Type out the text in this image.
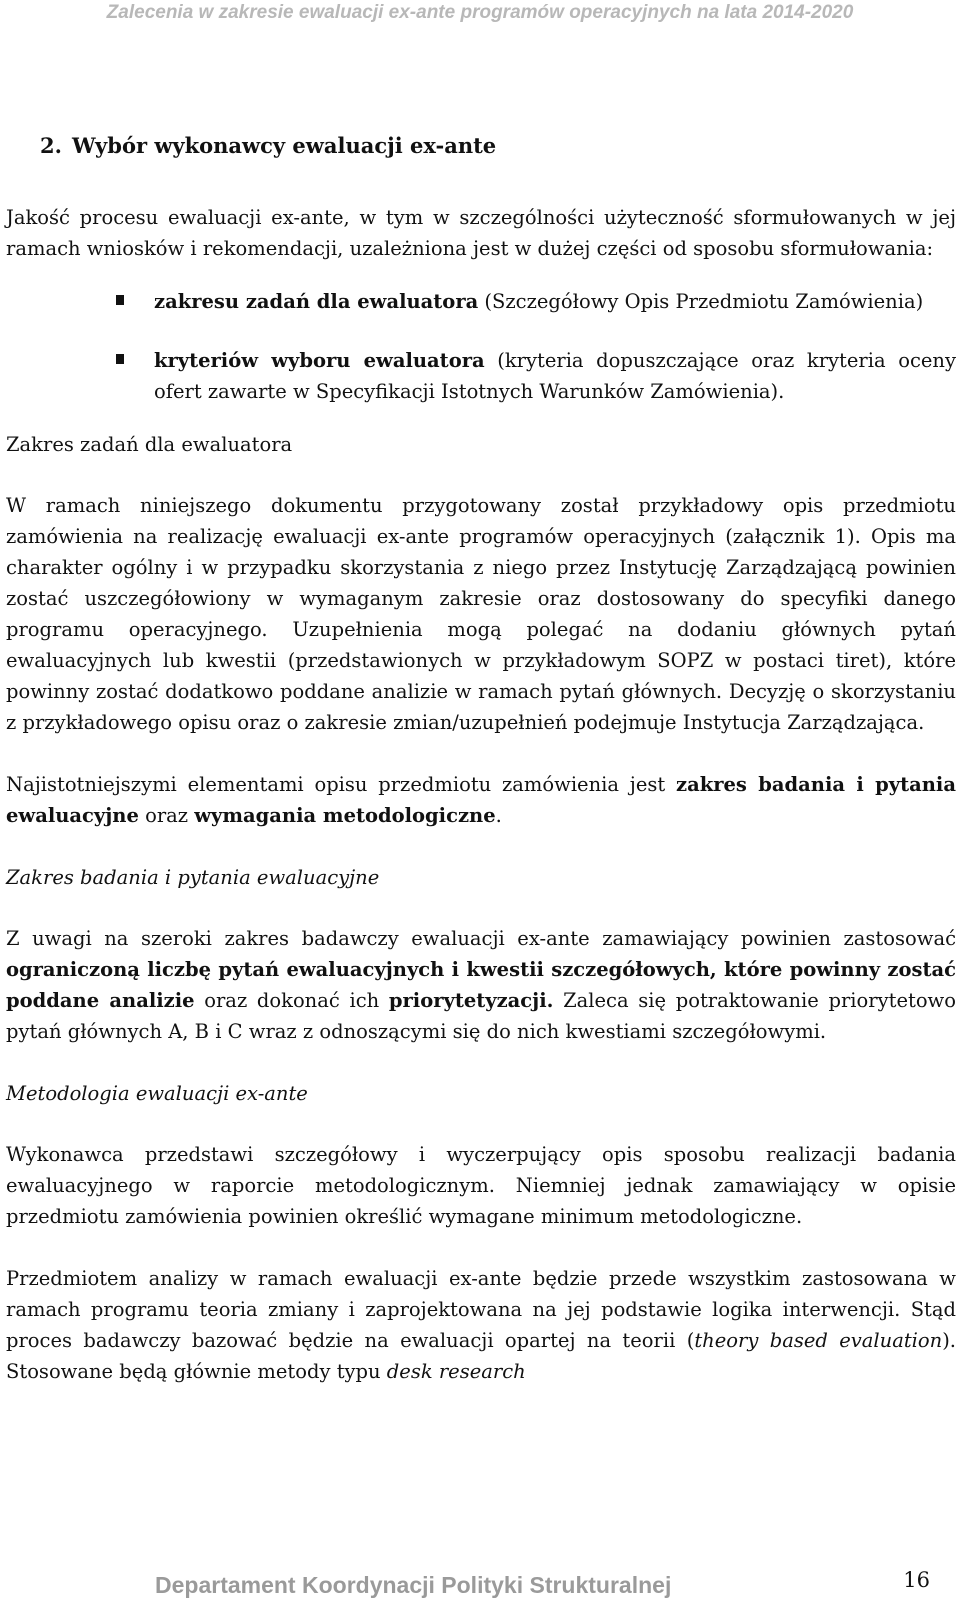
Zalecenia w zakresie ewaluacji ex-ante programów operacyjnych na lata 2014-2020
2. Wybór wykonawcy ewaluacji ex-ante

Jakość procesu ewaluacji ex-ante, w tym w szczególności użyteczność sformułowanych w jej ramach wniosków i rekomendacji, uzależniona jest w dużej części od sposobu sformułowania:

zakresu zadań dla ewaluatora (Szczegółowy Opis Przedmiotu Zamówienia)
kryteriów wyboru ewaluatora (kryteria dopuszczające oraz kryteria oceny ofert zawarte w Specyfikacji Istotnych Warunków Zamówienia).
Zakres zadań dla ewaluatora

W ramach niniejszego dokumentu przygotowany został przykładowy opis przedmiotu zamówienia na realizację ewaluacji ex-ante programów operacyjnych (załącznik 1). Opis ma charakter ogólny i w przypadku skorzystania z niego przez Instytucję Zarządzającą powinien zostać uszczegółowiony w wymaganym zakresie oraz dostosowany do specyfiki danego programu operacyjnego. Uzupełnienia mogą polegać na dodaniu głównych pytań ewaluacyjnych lub kwestii (przedstawionych w przykładowym SOPZ w postaci tiret), które powinny zostać dodatkowo poddane analizie w ramach pytań głównych. Decyzję o skorzystaniu z przykładowego opisu oraz o zakresie zmian/uzupełnień podejmuje Instytucja Zarządzająca.

Najistotniejszymi elementami opisu przedmiotu zamówienia jest zakres badania i pytania ewaluacyjne oraz wymagania metodologiczne.

Zakres badania i pytania ewaluacyjne

Z uwagi na szeroki zakres badawczy ewaluacji ex-ante zamawiający powinien zastosować ograniczoną liczbę pytań ewaluacyjnych i kwestii szczegółowych, które powinny zostać poddane analizie oraz dokonać ich priorytetyzacji. Zaleca się potraktowanie priorytetowo pytań głównych A, B i C wraz z odnoszącymi się do nich kwestiami szczegółowymi.

Metodologia ewaluacji ex-ante

Wykonawca przedstawi szczegółowy i wyczerpujący opis sposobu realizacji badania ewaluacyjnego w raporcie metodologicznym. Niemniej jednak zamawiający w opisie przedmiotu zamówienia powinien określić wymagane minimum metodologiczne.

Przedmiotem analizy w ramach ewaluacji ex-ante będzie przede wszystkim zastosowana w ramach programu teoria zmiany i zaprojektowana na jej podstawie logika interwencji. Stąd proces badawczy bazować będzie na ewaluacji opartej na teorii (theory based evaluation). Stosowane będą głównie metody typu desk research

Departament Koordynacji Polityki Strukturalnej	16
